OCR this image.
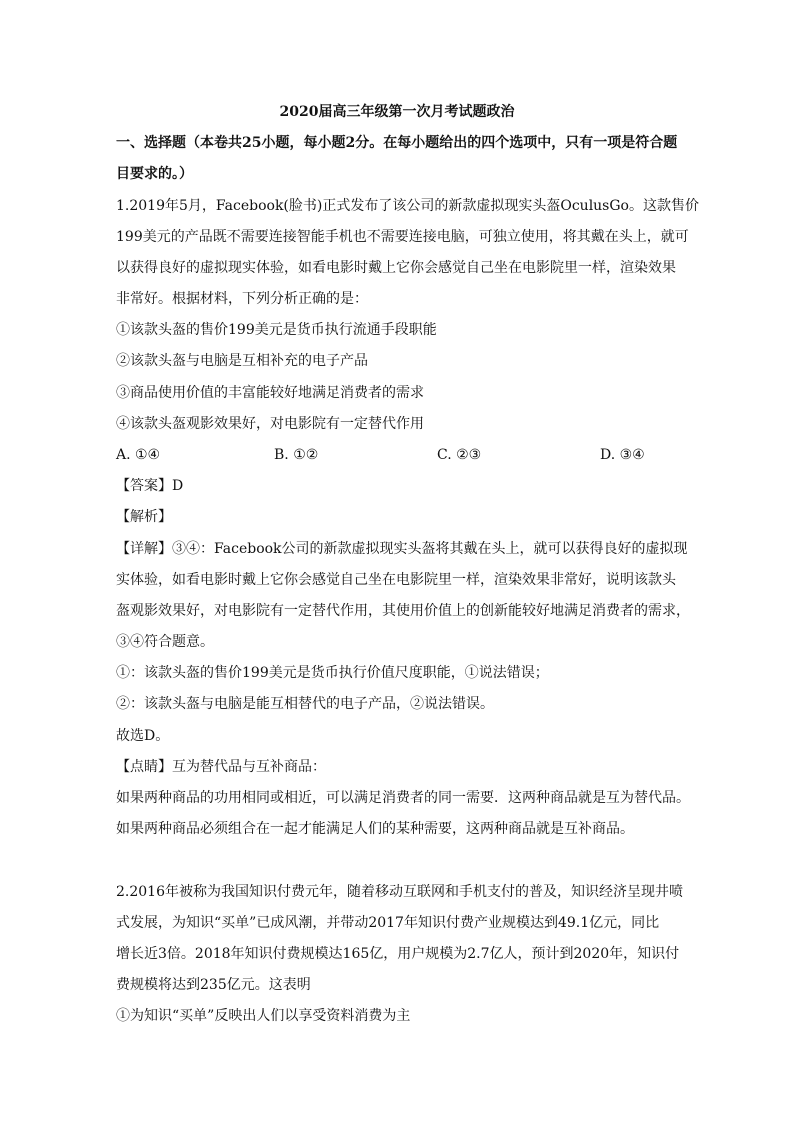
2020届高三年级第一次月考试题政治
一、选择题（本卷共25小题，每小题2分。在每小题给出的四个选项中，只有一项是符合题
目要求的。）
1.2019年5月，Facebook(脸书)正式发布了该公司的新款虚拟现实头盔OculusGo。这款售价
199美元的产品既不需要连接智能手机也不需要连接电脑，可独立使用，将其戴在头上，就可
以获得良好的虚拟现实体验，如看电影时戴上它你会感觉自己坐在电影院里一样，渲染效果
非常好。根据材料，下列分析正确的是：
①该款头盔的售价199美元是货币执行流通手段职能
②该款头盔与电脑是互相补充的电子产品
③商品使用价值的丰富能较好地满足消费者的需求
④该款头盔观影效果好，对电影院有一定替代作用
A. ①④	B. ①②	C. ②③	D. ③④
【答案】D
【解析】
【详解】③④：Facebook公司的新款虚拟现实头盔将其戴在头上，就可以获得良好的虚拟现
实体验，如看电影时戴上它你会感觉自己坐在电影院里一样，渲染效果非常好，说明该款头
盔观影效果好，对电影院有一定替代作用，其使用价值上的创新能较好地满足消费者的需求，
③④符合题意。
①：该款头盔的售价199美元是货币执行价值尺度职能，①说法错误；
②：该款头盔与电脑是能互相替代的电子产品，②说法错误。
故选D。
【点睛】互为替代品与互补商品：
如果两种商品的功用相同或相近，可以满足消费者的同一需要．这两种商品就是互为替代品。
如果两种商品必须组合在一起才能满足人们的某种需要，这两种商品就是互补商品。
2.2016年被称为我国知识付费元年，随着移动互联网和手机支付的普及，知识经济呈现井喷
式发展，为知识“买单”已成风潮，并带动2017年知识付费产业规模达到49.1亿元，同比
增长近3倍。2018年知识付费规模达165亿，用户规模为2.7亿人，预计到2020年，知识付
费规模将达到235亿元。这表明
①为知识“买单”反映出人们以享受资料消费为主
